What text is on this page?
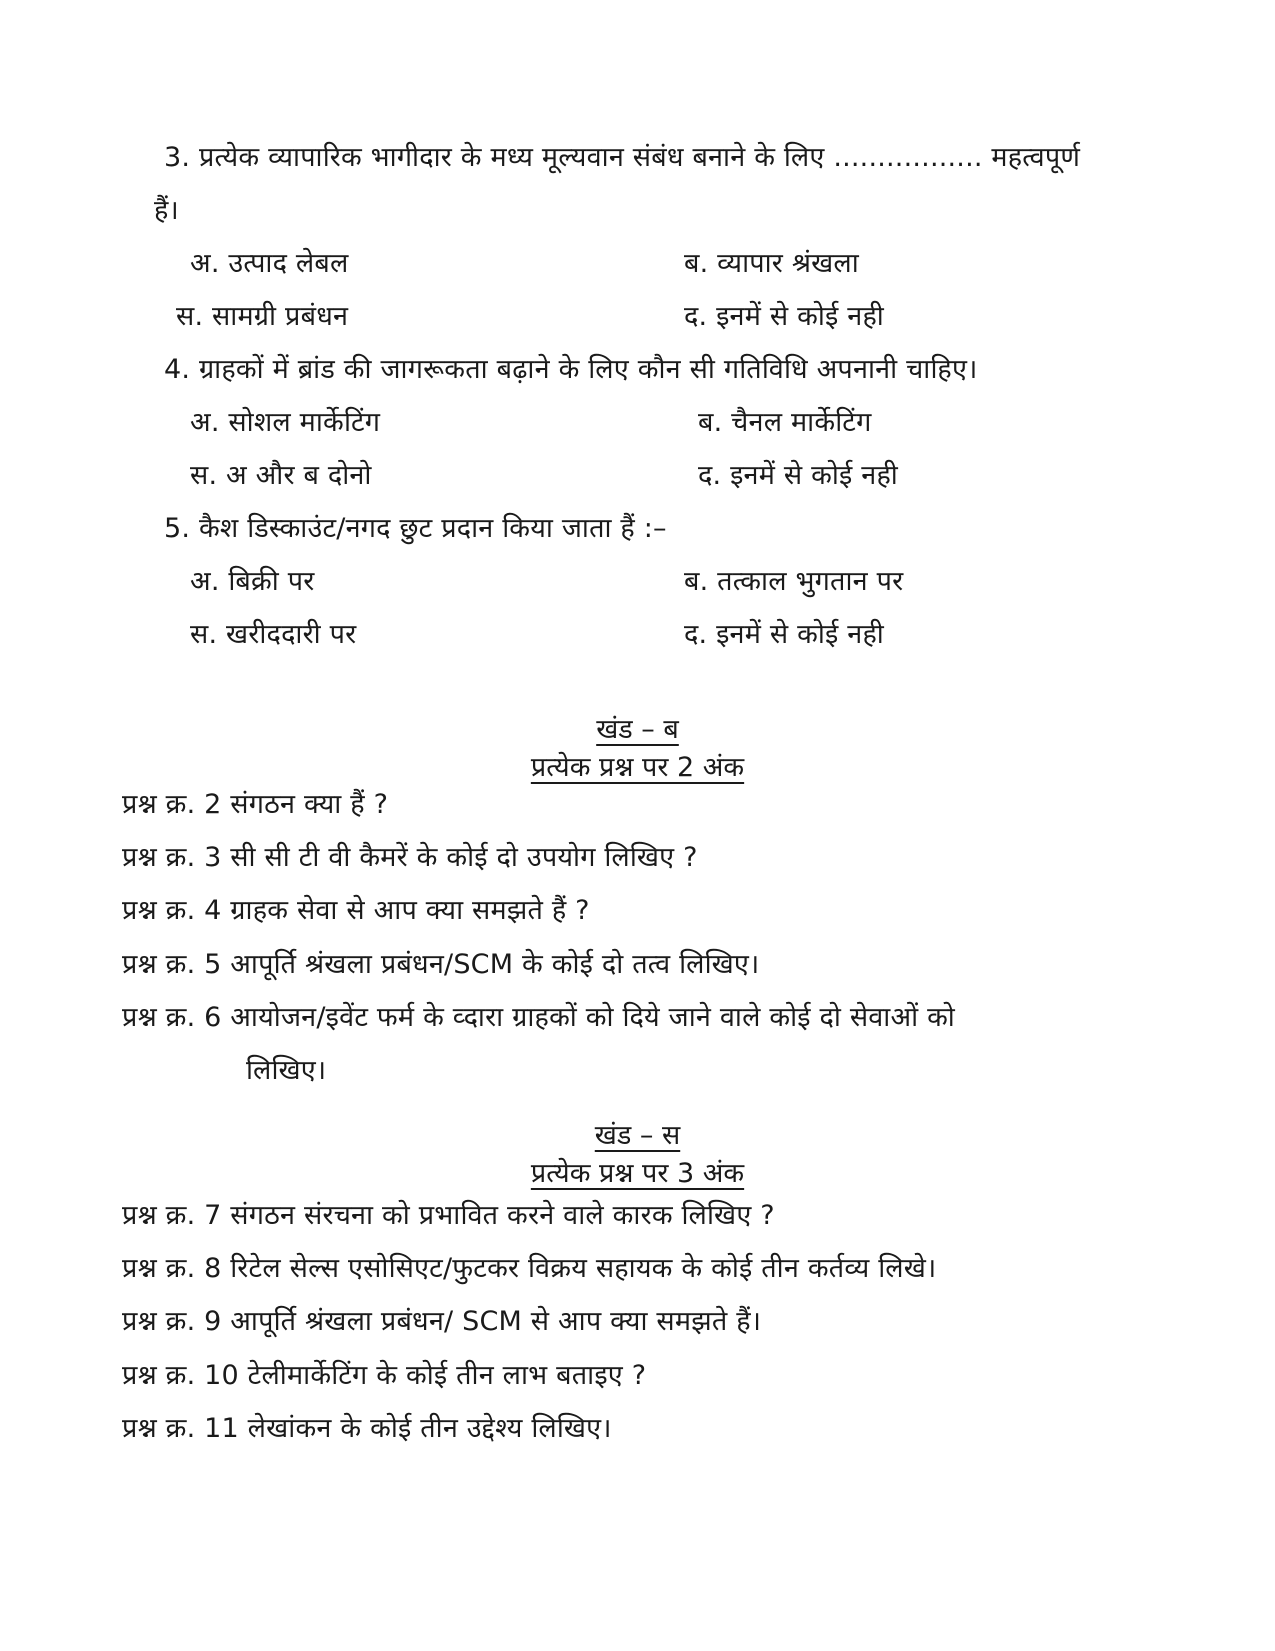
3. प्रत्येक व्यापारिक भागीदार के मध्य मूल्यवान संबंध बनाने के लिए ................. महत्वपूर्ण
हैं।
अ. उत्पाद लेबल	ब. व्यापार श्रंखला
स. सामग्री प्रबंधन	द. इनमें से कोई नही
4. ग्राहकों में ब्रांड की जागरूकता बढ़ाने के लिए कौन सी गतिविधि अपनानी चाहिए।
अ. सोशल मार्केटिंग	ब. चैनल मार्केटिंग
स. अ और ब दोनो	द. इनमें से कोई नही
5. कैश डिस्काउंट/नगद छुट प्रदान किया जाता हैं :–
अ. बिक्री पर	ब. तत्काल भुगतान पर
स. खरीददारी पर	द. इनमें से कोई नही
खंड – ब
प्रत्येक प्रश्न पर 2 अंक
प्रश्न क्र. 2 संगठन क्या हैं ?
प्रश्न क्र. 3 सी सी टी वी कैमरें के कोई दो उपयोग लिखिए ?
प्रश्न क्र. 4 ग्राहक सेवा से आप क्या समझते हैं ?
प्रश्न क्र. 5 आपूर्ति श्रंखला प्रबंधन/SCM के कोई दो तत्व लिखिए।
प्रश्न क्र. 6 आयोजन/इवेंट फर्म के व्दारा ग्राहकों को दिये जाने वाले कोई दो सेवाओं को
लिखिए।
खंड – स
प्रत्येक प्रश्न पर 3 अंक
प्रश्न क्र. 7 संगठन संरचना को प्रभावित करने वाले कारक लिखिए ?
प्रश्न क्र. 8 रिटेल सेल्स एसोसिएट/फुटकर विक्रय सहायक के कोई तीन कर्तव्य लिखे।
प्रश्न क्र. 9 आपूर्ति श्रंखला प्रबंधन/ SCM से आप क्या समझते हैं।
प्रश्न क्र. 10 टेलीमार्केटिंग के कोई तीन लाभ बताइए ?
प्रश्न क्र. 11 लेखांकन के कोई तीन उद्देश्य लिखिए।
